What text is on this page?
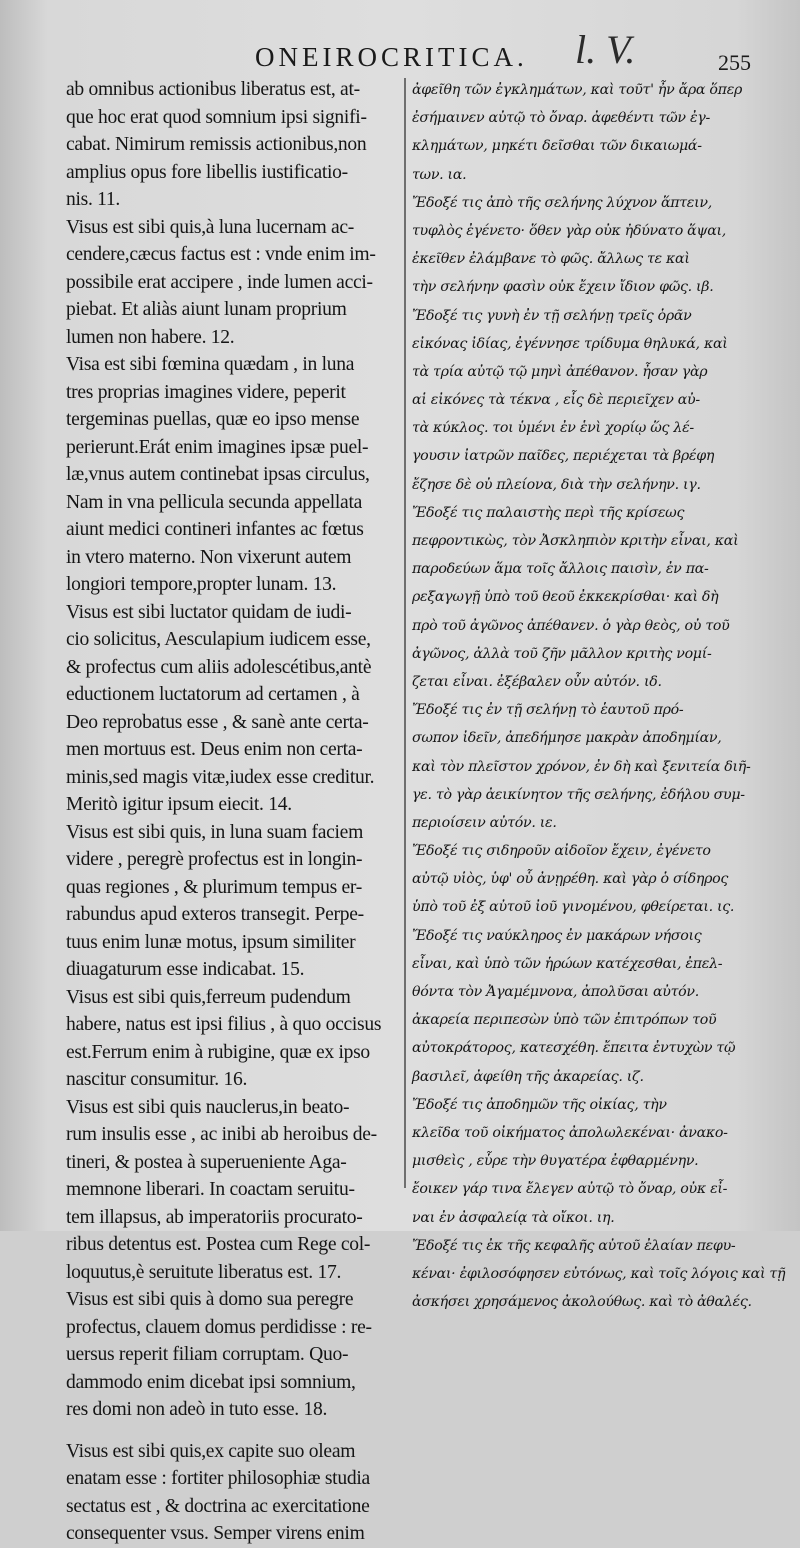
ONEIROCRITICA. l. V.	255
ab omnibus actionibus liberatus est, at-
que hoc erat quod somnium ipsi signifi-
cabat. Nimirum remissis actionibus,non
amplius opus fore libellis iustificatio-
nis. 11.
Visus est sibi quis,à luna lucernam ac-
cendere,cæcus factus est : vnde enim im-
possibile erat accipere , inde lumen acci-
piebat. Et aliàs aiunt lunam proprium
lumen non habere. 12.
Visa est sibi fœmina quædam , in luna
tres proprias imagines videre, peperit
tergeminas puellas, quæ eo ipso mense
perierunt.Erát enim imagines ipsæ puel-
læ,vnus autem continebat ipsas circulus,
Nam in vna pellicula secunda appellata
aiunt medici contineri infantes ac fœtus
in vtero materno. Non vixerunt autem
longiori tempore,propter lunam. 13.
Visus est sibi luctator quidam de iudi-
cio solicitus, Aesculapium iudicem esse,
& profectus cum aliis adolescétibus,antè
eductionem luctatorum ad certamen , à
Deo reprobatus esse , & sanè ante certa-
men mortuus est. Deus enim non certa-
minis,sed magis vitæ,iudex esse creditur.
Meritò igitur ipsum eiecit. 14.
Visus est sibi quis, in luna suam faciem
videre , peregrè profectus est in longin-
quas regiones , & plurimum tempus er-
rabundus apud exteros transegit. Perpe-
tuus enim lunæ motus, ipsum similiter
diuagaturum esse indicabat. 15.
Visus est sibi quis,ferreum pudendum
habere, natus est ipsi filius , à quo occisus
est.Ferrum enim à rubigine, quæ ex ipso
nascitur consumitur. 16.
Visus est sibi quis nauclerus,in beato-
rum insulis esse , ac inibi ab heroibus de-
tineri, & postea à superueniente Aga-
memnone liberari. In coactam seruitu-
tem illapsus, ab imperatoriis procurato-
ribus detentus est. Postea cum Rege col-
loquutus,è seruitute liberatus est. 17.
Visus est sibi quis à domo sua peregre
profectus, clauem domus perdidisse : re-
uersus reperit filiam corruptam. Quo-
dammodo enim dicebat ipsi somnium,
res domi non adeò in tuto esse. 18.
Visus est sibi quis,ex capite suo oleam
enatam esse : fortiter philosophiæ studia
sectatus est , & doctrina ac exercitatione
consequenter vsus. Semper virens enim
ἀφεῖθη τῶν ἐγκλημάτων, καὶ τοῦτ' ἦν ἄρα ὅπερ
ἐσήμαινεν αὐτῷ τὸ ὄναρ. ἀφεθέντι τῶν ἐγ-
κλημάτων, μηκέτι δεῖσθαι τῶν δικαιωμά-
των. ια.
Ἔδοξέ τις ἀπὸ τῆς σελήνης λύχνον ἅπτειν,
τυφλὸς ἐγένετο· ὅθεν γὰρ οὐκ ἠδύνατο ἅψαι,
ἐκεῖθεν ἐλάμβανε τὸ φῶς. ἄλλως τε καὶ
τὴν σελήνην φασὶν οὐκ ἔχειν ἴδιον φῶς. ιβ.
Ἔδοξέ τις γυνὴ ἐν τῇ σελήνῃ τρεῖς ὁρᾶν
εἰκόνας ἰδίας, ἐγέννησε τρίδυμα θηλυκά, καὶ
τὰ τρία αὐτῷ τῷ μηνὶ ἀπέθανον. ἦσαν γὰρ
αἱ εἰκόνες τὰ τέκνα , εἷς δὲ περιεῖχεν αὐ-
τὰ κύκλος. τοι ὑμένι ἐν ἑνὶ χορίῳ ὥς λέ-
γουσιν ἰατρῶν παῖδες, περιέχεται τὰ βρέφη
ἔζησε δὲ οὐ πλείονα, διὰ τὴν σελήνην. ιγ.
Ἔδοξέ τις παλαιστὴς περὶ τῆς κρίσεως
πεφροντικὼς, τὸν Ἀσκληπιὸν κριτὴν εἶναι, καὶ
παροδεύων ἅμα τοῖς ἄλλοις παισὶν, ἐν πα-
ρεξαγωγῇ ὑπὸ τοῦ θεοῦ ἐκκεκρίσθαι· καὶ δὴ
πρὸ τοῦ ἀγῶνος ἀπέθανεν. ὁ γὰρ θεὸς, οὐ τοῦ
ἀγῶνος, ἀλλὰ τοῦ ζῆν μᾶλλον κριτὴς νομί-
ζεται εἶναι. ἐξέβαλεν οὖν αὐτόν. ιδ.
Ἔδοξέ τις ἐν τῇ σελήνῃ τὸ ἑαυτοῦ πρό-
σωπον ἰδεῖν, ἀπεδήμησε μακρὰν ἀποδημίαν,
καὶ τὸν πλεῖστον χρόνον, ἐν δὴ καὶ ξενιτεία διῆ-
γε. τὸ γὰρ ἀεικίνητον τῆς σελήνης, ἐδήλου συμ-
περιοίσειν αὐτόν. ιε.
Ἔδοξέ τις σιδηροῦν αἰδοῖον ἔχειν, ἐγένετο
αὐτῷ υἱὸς, ὑφ' οὗ ἀνῃρέθη. καὶ γὰρ ὁ σίδηρος
ὑπὸ τοῦ ἐξ αὐτοῦ ἰοῦ γινομένου, φθείρεται. ις.
Ἔδοξέ τις ναύκληρος ἐν μακάρων νήσοις
εἶναι, καὶ ὑπὸ τῶν ἡρώων κατέχεσθαι, ἐπελ-
θόντα τὸν Ἀγαμέμνονα, ἀπολῦσαι αὐτόν.
ἀκαρεία περιπεσὼν ὑπὸ τῶν ἐπιτρόπων τοῦ
αὐτοκράτορος, κατεσχέθη. ἔπειτα ἐντυχὼν τῷ
βασιλεῖ, ἀφείθη τῆς ἀκαρείας. ιζ.
Ἔδοξέ τις ἀποδημῶν τῆς οἰκίας, τὴν
κλεῖδα τοῦ οἰκήματος ἀπολωλεκέναι· ἀνακο-
μισθεὶς , εὗρε τὴν θυγατέρα ἐφθαρμένην.
ἔοικεν γάρ τινα ἔλεγεν αὐτῷ τὸ ὄναρ, οὐκ εἶ-
ναι ἐν ἀσφαλείᾳ τὰ οἴκοι. ιη.
Ἔδοξέ τις ἐκ τῆς κεφαλῆς αὐτοῦ ἐλαίαν πεφυ-
κέναι· ἐφιλοσόφησεν εὐτόνως, καὶ τοῖς λόγοις καὶ τῇ
ἀσκήσει χρησάμενος ἀκολούθως. καὶ τὸ ἀθαλές.
